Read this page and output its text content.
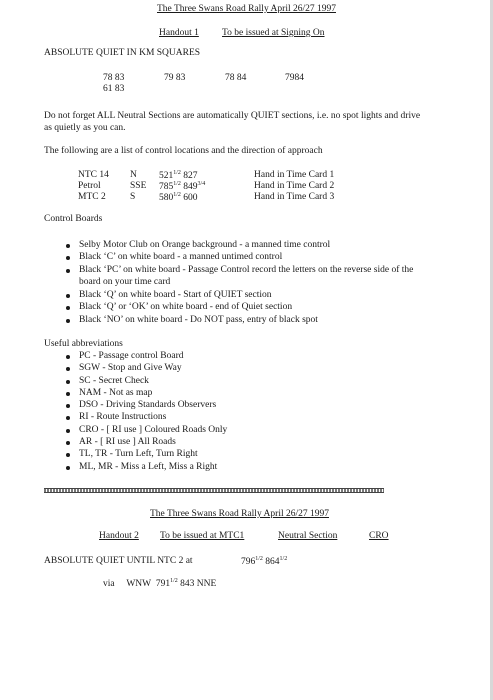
The Three Swans Road Rally April 26/27 1997
Handout 1 To be issued at Signing On
ABSOLUTE QUIET IN KM SQUARES
78 83	79 83	78 84	7984
61 83
Do not forget ALL Neutral Sections are automatically QUIET sections, i.e. no spot lights and drive
as quietly as you can.
The following are a list of control locations and the direction of approach
NTC 14 N $521^{1/2}$ 827	Hand in Time Card 1
Petrol	SSE $785^{1/2}$ $849^{3/4}$	Hand in Time Card 2
MTC 2	S $580^{1/2}$ 600	Hand in Time Card 3
Control Boards
Selby Motor Club on Orange background - a manned time control
Black ‘C’ on white board - a manned untimed control
Black ‘PC’ on white board - Passage Control record the letters on the reverse side of the
board on your time card
Black ‘Q’ on white board - Start of QUIET section
Black ‘Q’ or ‘OK’ on white board - end of Quiet section
Black ‘NO’ on white board - Do NOT pass, entry of black spot
Useful abbreviations
PC - Passage control Board
SGW - Stop and Give Way
SC - Secret Check
NAM - Not as map
DSO - Driving Standards Observers
RI - Route Instructions
CRO - [ RI use ] Coloured Roads Only
AR - [ RI use ] All Roads
TL, TR - Turn Left, Turn Right
ML, MR - Miss a Left, Miss a Right
The Three Swans Road Rally April 26/27 1997
Handout 2 To be issued at MTC1	Neutral Section	CRO
ABSOLUTE QUIET UNTIL NTC 2 at	$796^{1/2}$ $864^{1/2}$
via WNW $791^{1/2}$ 843 NNE
